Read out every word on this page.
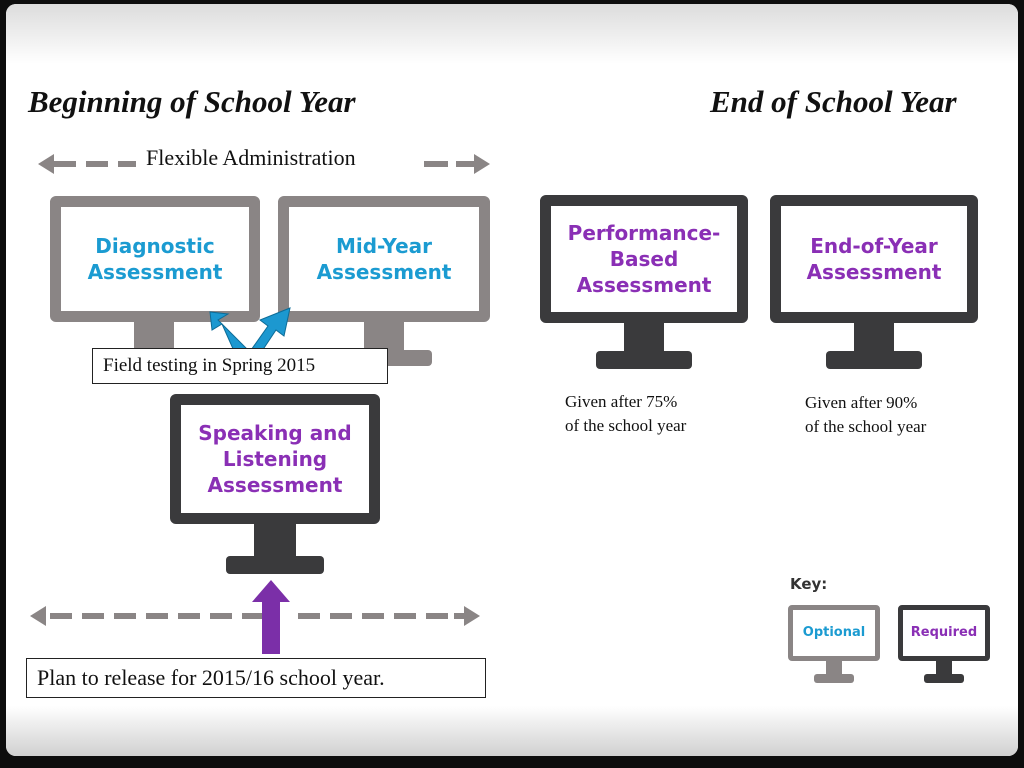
Beginning of School Year	End of School Year
Flexible Administration
Diagnostic
Assessment
Mid-Year
Assessment
Performance-
Based
Assessment
End-of-Year
Assessment
Field testing in Spring 2015
Speaking and
Listening
Assessment
Plan to release for 2015/16 school year.
Given after 75%
of the school year
Given after 90%
of the school year
Key:
Optional	Required
